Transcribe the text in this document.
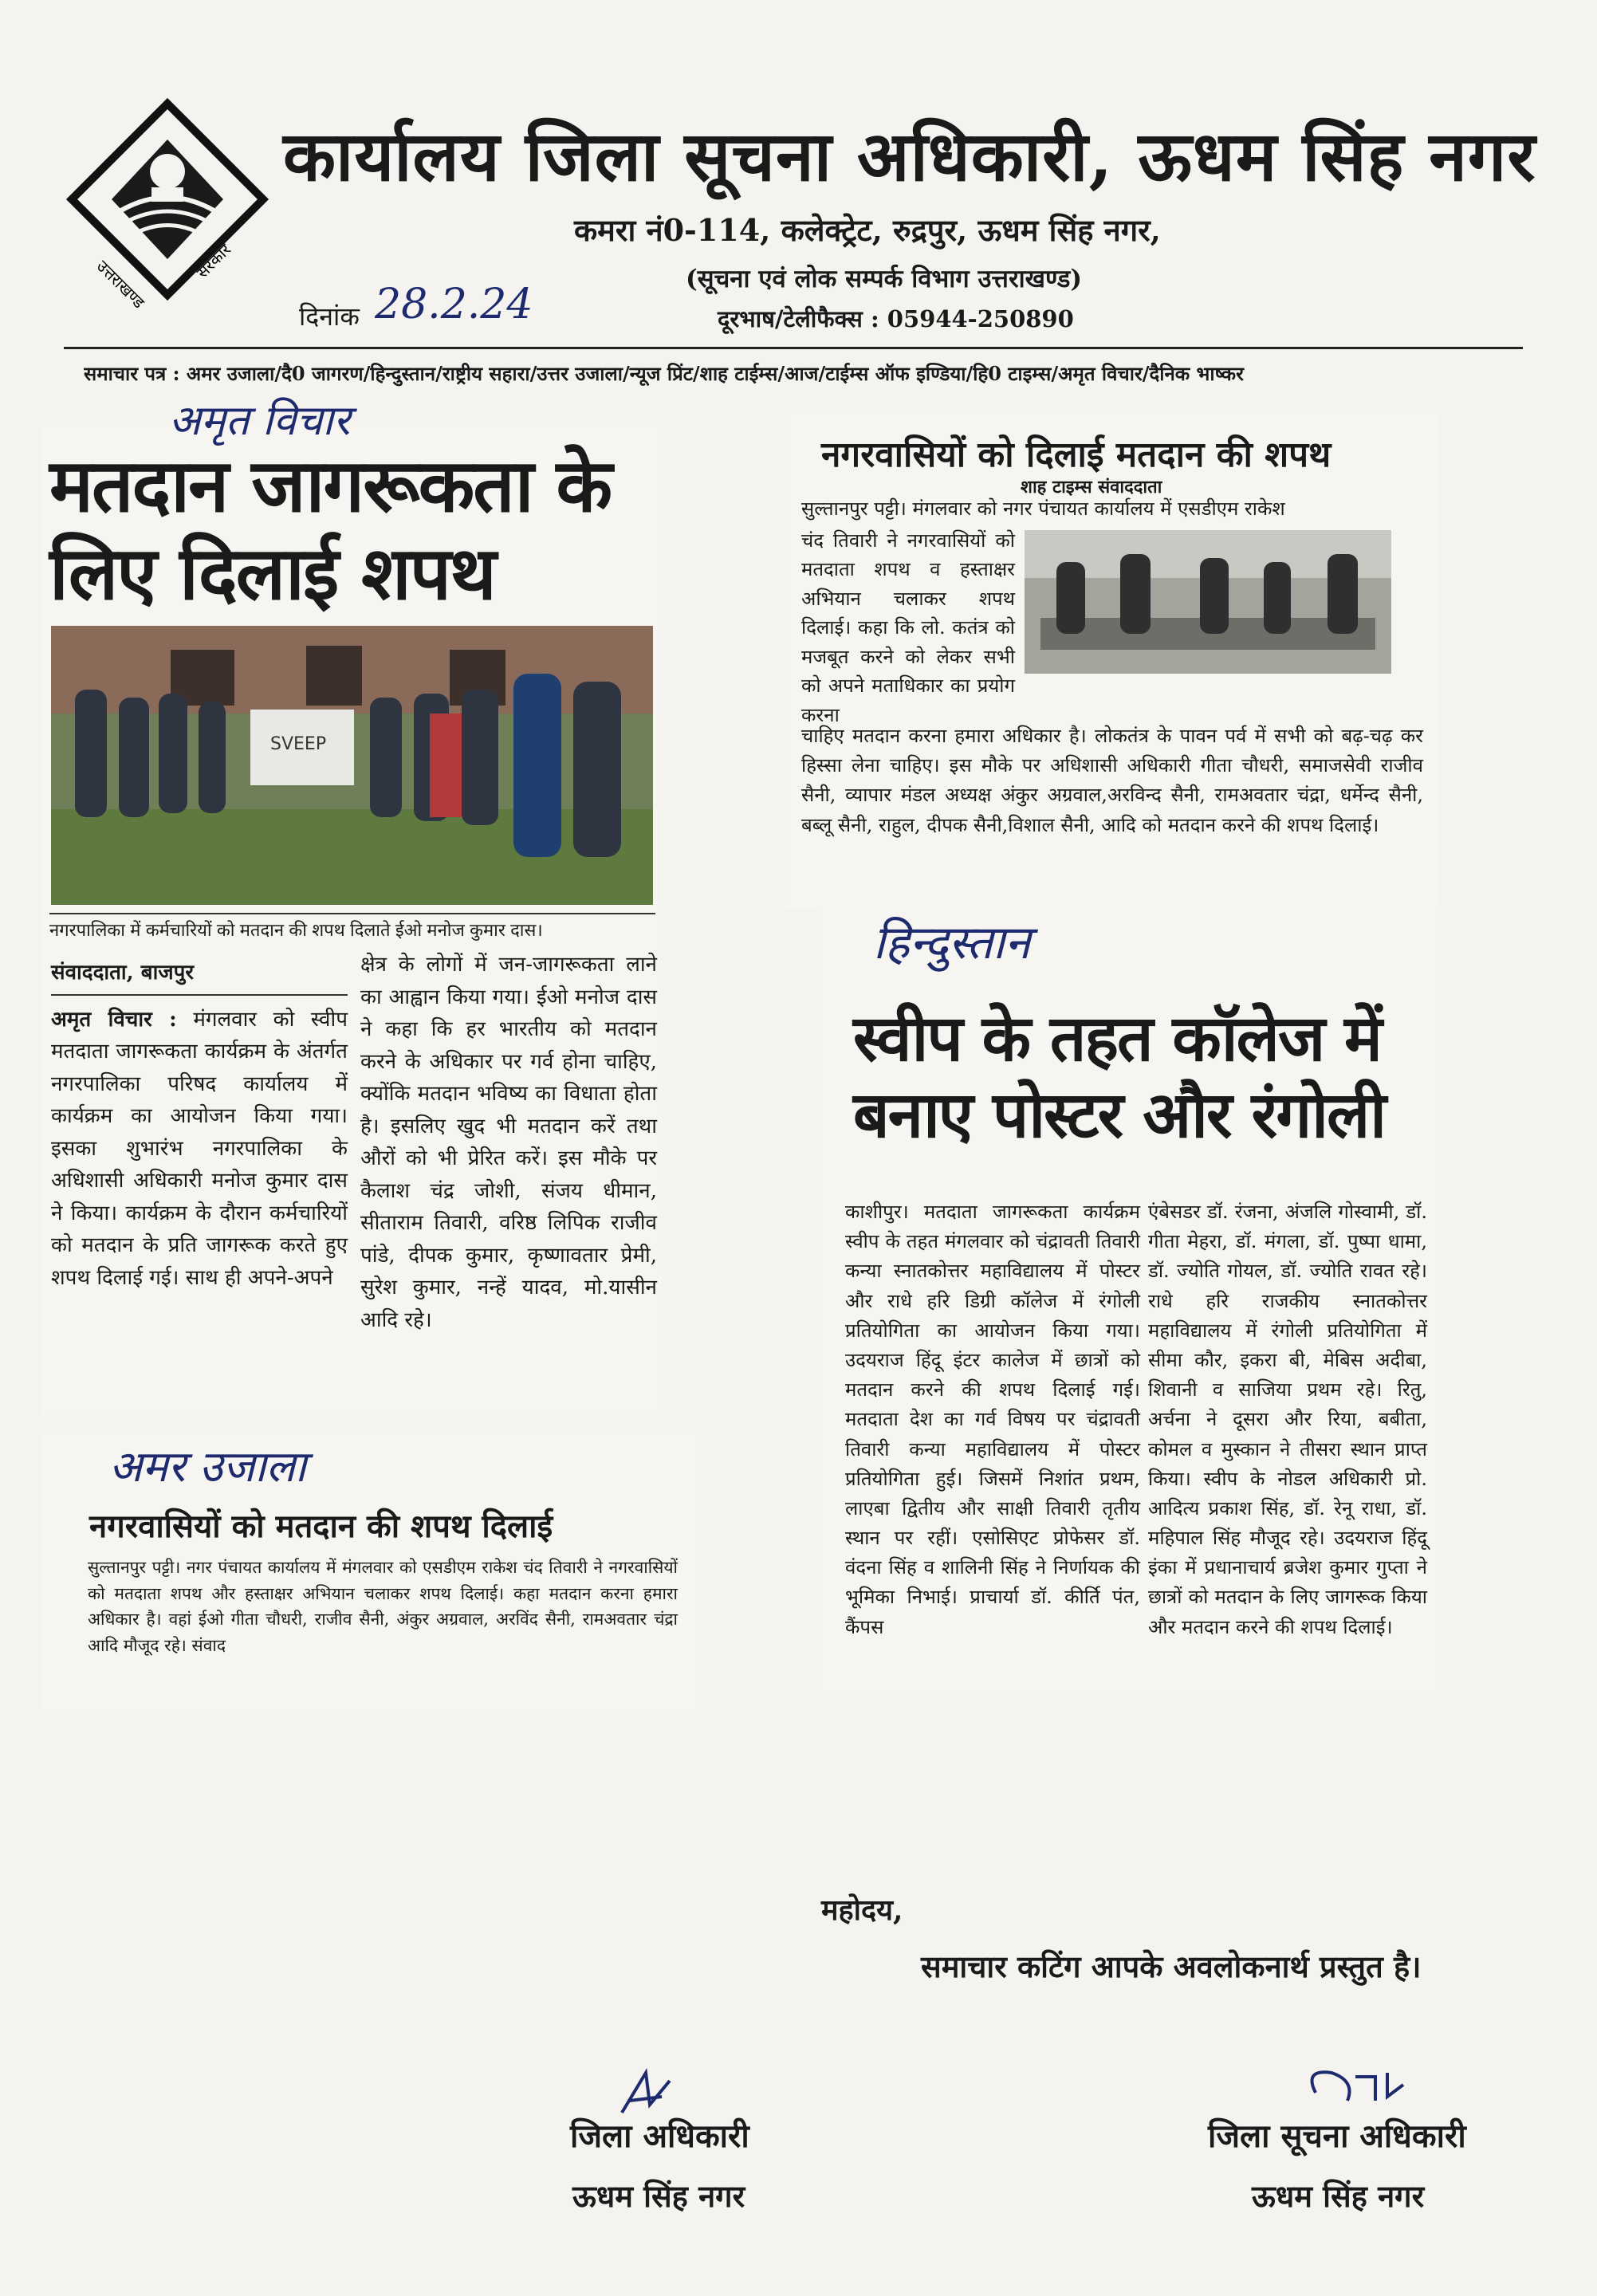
उत्तराखण्ड	सरकार
कार्यालय जिला सूचना अधिकारी, ऊधम सिंह नगर
कमरा नं0-114, कलेक्ट्रेट, रुद्रपुर, ऊधम सिंह नगर,
(सूचना एवं लोक सम्पर्क विभाग उत्तराखण्ड)
दूरभाष/टेलीफैक्स : 05944-250890
दिनांक 28.2.24
समाचार पत्र : अमर उजाला/दै0 जागरण/हिन्दुस्तान/राष्ट्रीय सहारा/उत्तर उजाला/न्यूज प्रिंट/शाह टाईम्स/आज/टाईम्स ऑफ इण्डिया/हि0 टाइम्स/अमृत विचार/दैनिक भाष्कर
अमृत विचार
मतदान जागरूकता के लिए दिलाई शपथ
SVEEP
नगरपालिका में कर्मचारियों को मतदान की शपथ दिलाते ईओ मनोज कुमार दास।
संवाददाता, बाजपुर
अमृत विचार : मंगलवार को स्वीप मतदाता जागरूकता कार्यक्रम के अंतर्गत नगरपालिका परिषद कार्यालय में कार्यक्रम का आयोजन किया गया। इसका शुभारंभ नगरपालिका के अधिशासी अधिकारी मनोज कुमार दास ने किया। कार्यक्रम के दौरान कर्मचारियों को मतदान के प्रति जागरूक करते हुए शपथ दिलाई गई। साथ ही अपने-अपने
क्षेत्र के लोगों में जन-जागरूकता लाने का आह्वान किया गया। ईओ मनोज दास ने कहा कि हर भारतीय को मतदान करने के अधिकार पर गर्व होना चाहिए, क्योंकि मतदान भविष्य का विधाता होता है। इसलिए खुद भी मतदान करें तथा औरों को भी प्रेरित करें। इस मौके पर कैलाश चंद्र जोशी, संजय धीमान, सीताराम तिवारी, वरिष्ठ लिपिक राजीव पांडे, दीपक कुमार, कृष्णावतार प्रेमी, सुरेश कुमार, नन्हें यादव, मो.यासीन आदि रहे।
नगरवासियों को दिलाई मतदान की शपथ
शाह टाइम्स संवाददाता
सुल्तानपुर पट्टी। मंगलवार को नगर पंचायत कार्यालय में एसडीएम राकेश
चंद तिवारी ने नगरवासियों को मतदाता शपथ व हस्ताक्षर अभियान चलाकर शपथ दिलाई। कहा कि लो. कतंत्र को मजबूत करने को लेकर सभी को अपने मताधिकार का प्रयोग करना
चाहिए मतदान करना हमारा अधिकार है। लोकतंत्र के पावन पर्व में सभी को बढ़-चढ़ कर हिस्सा लेना चाहिए। इस मौके पर अधिशासी अधिकारी गीता चौधरी, समाजसेवी राजीव सैनी, व्यापार मंडल अध्यक्ष अंकुर अग्रवाल,अरविन्द सैनी, रामअवतार चंद्रा, धर्मेन्द सैनी, बब्लू सैनी, राहुल, दीपक सैनी,विशाल सैनी, आदि को मतदान करने की शपथ दिलाई।
हिन्दुस्तान
स्वीप के तहत कॉलेज में बनाए पोस्टर और रंगोली
काशीपुर। मतदाता जागरूकता कार्यक्रम स्वीप के तहत मंगलवार को चंद्रावती तिवारी कन्या स्नातकोत्तर महाविद्यालय में पोस्टर और राधे हरि डिग्री कॉलेज में रंगोली प्रतियोगिता का आयोजन किया गया। उदयराज हिंदू इंटर कालेज में छात्रों को मतदान करने की शपथ दिलाई गई। मतदाता देश का गर्व विषय पर चंद्रावती तिवारी कन्या महाविद्यालय में पोस्टर प्रतियोगिता हुई। जिसमें निशांत प्रथम, लाएबा द्वितीय और साक्षी तिवारी तृतीय स्थान पर रहीं। एसोसिएट प्रोफेसर डॉ. वंदना सिंह व शालिनी सिंह ने निर्णायक की भूमिका निभाई। प्राचार्या डॉ. कीर्ति पंत, कैंपस
एंबेसडर डॉ. रंजना, अंजलि गोस्वामी, डॉ. गीता मेहरा, डॉ. मंगला, डॉ. पुष्पा धामा, डॉ. ज्योति गोयल, डॉ. ज्योति रावत रहे। राधे हरि राजकीय स्नातकोत्तर महाविद्यालय में रंगोली प्रतियोगिता में सीमा कौर, इकरा बी, मेबिस अदीबा, शिवानी व साजिया प्रथम रहे। रितु, अर्चना ने दूसरा और रिया, बबीता, कोमल व मुस्कान ने तीसरा स्थान प्राप्त किया। स्वीप के नोडल अधिकारी प्रो. आदित्य प्रकाश सिंह, डॉ. रेनू राधा, डॉ. महिपाल सिंह मौजूद रहे। उदयराज हिंदू इंका में प्रधानाचार्य ब्रजेश कुमार गुप्ता ने छात्रों को मतदान के लिए जागरूक किया और मतदान करने की शपथ दिलाई।
अमर उजाला
नगरवासियों को मतदान की शपथ दिलाई
सुल्तानपुर पट्टी। नगर पंचायत कार्यालय में मंगलवार को एसडीएम राकेश चंद तिवारी ने नगरवासियों को मतदाता शपथ और हस्ताक्षर अभियान चलाकर शपथ दिलाई। कहा मतदान करना हमारा अधिकार है। वहां ईओ गीता चौधरी, राजीव सैनी, अंकुर अग्रवाल, अरविंद सैनी, रामअवतार चंद्रा आदि मौजूद रहे। संवाद
महोदय,
समाचार कटिंग आपके अवलोकनार्थ प्रस्तुत है।
जिला अधिकारी
ऊधम सिंह नगर
जिला सूचना अधिकारी
ऊधम सिंह नगर
